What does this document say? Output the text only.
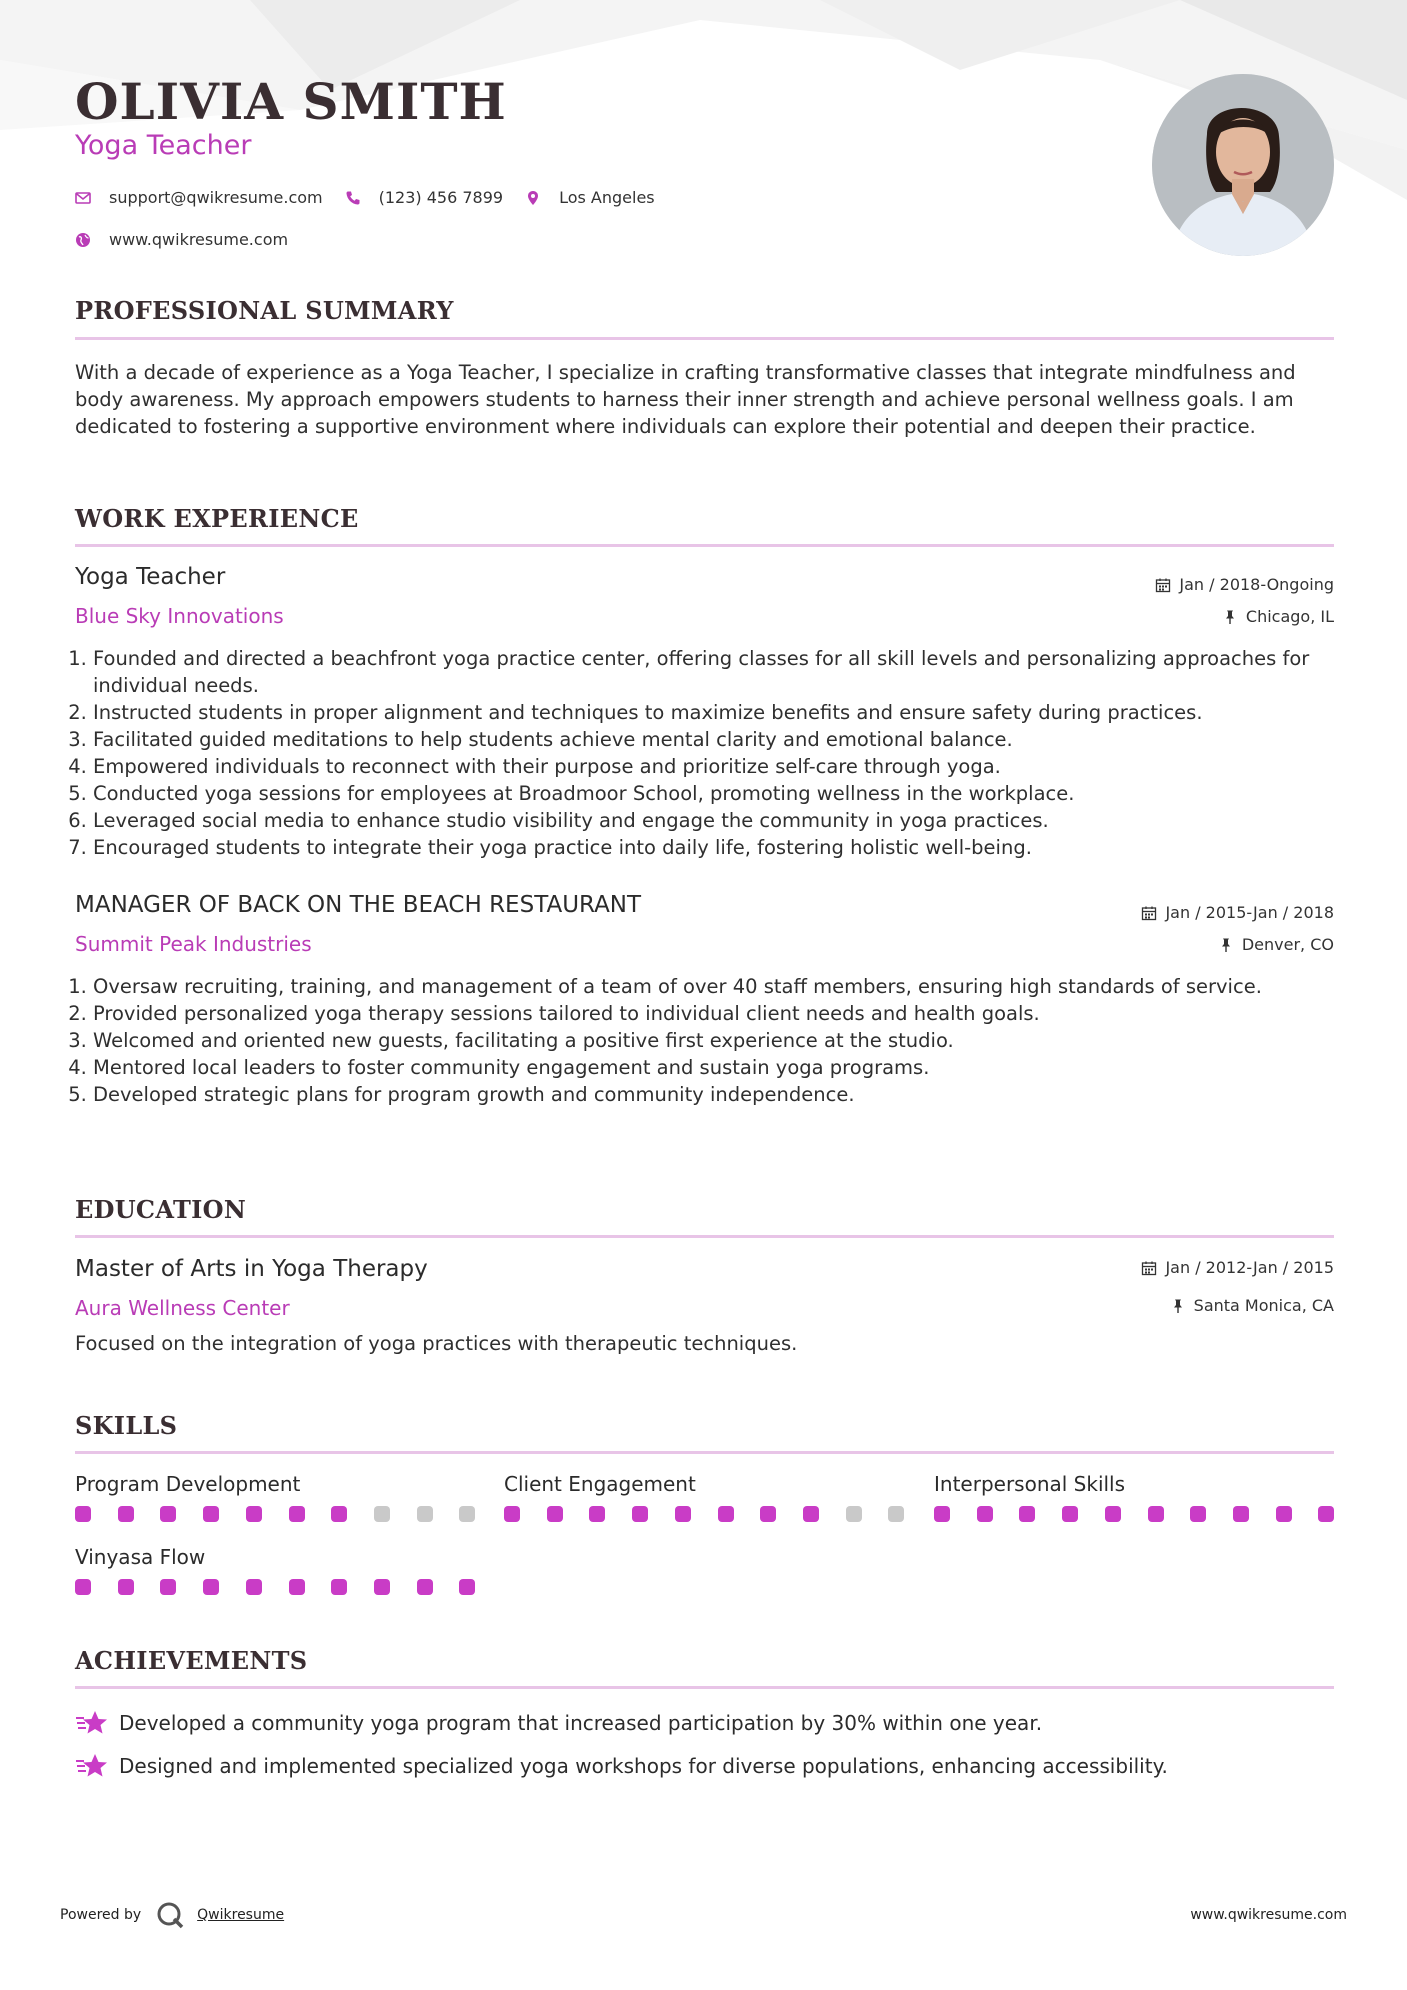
OLIVIA SMITH
Yoga Teacher
support@qwikresume.com	(123) 456 7899	Los Angeles
www.qwikresume.com
PROFESSIONAL SUMMARY

With a decade of experience as a Yoga Teacher, I specialize in crafting transformative classes that integrate mindfulness and body awareness. My approach empowers students to harness their inner strength and achieve personal wellness goals. I am dedicated to fostering a supportive environment where individuals can explore their potential and deepen their practice.

WORK EXPERIENCE
Yoga Teacher
Blue Sky Innovations
Jan / 2018-Ongoing
Chicago, IL
1. Founded and directed a beachfront yoga practice center, offering classes for all skill levels and personalizing approaches for individual needs.
2. Instructed students in proper alignment and techniques to maximize benefits and ensure safety during practices.
3. Facilitated guided meditations to help students achieve mental clarity and emotional balance.
4. Empowered individuals to reconnect with their purpose and prioritize self-care through yoga.
5. Conducted yoga sessions for employees at Broadmoor School, promoting wellness in the workplace.
6. Leveraged social media to enhance studio visibility and engage the community in yoga practices.
7. Encouraged students to integrate their yoga practice into daily life, fostering holistic well-being.
MANAGER OF BACK ON THE BEACH RESTAURANT
Summit Peak Industries
Jan / 2015-Jan / 2018
Denver, CO
1. Oversaw recruiting, training, and management of a team of over 40 staff members, ensuring high standards of service.
2. Provided personalized yoga therapy sessions tailored to individual client needs and health goals.
3. Welcomed and oriented new guests, facilitating a positive first experience at the studio.
4. Mentored local leaders to foster community engagement and sustain yoga programs.
5. Developed strategic plans for program growth and community independence.
EDUCATION
Master of Arts in Yoga Therapy
Aura Wellness Center
Jan / 2012-Jan / 2015
Santa Monica, CA

Focused on the integration of yoga practices with therapeutic techniques.

SKILLS
Program Development	Client Engagement	Interpersonal Skills
Vinyasa Flow
ACHIEVEMENTS
Developed a community yoga program that increased participation by 30% within one year.
Designed and implemented specialized yoga workshops for diverse populations, enhancing accessibility.
Powered by	Qwikresume	www.qwikresume.com
